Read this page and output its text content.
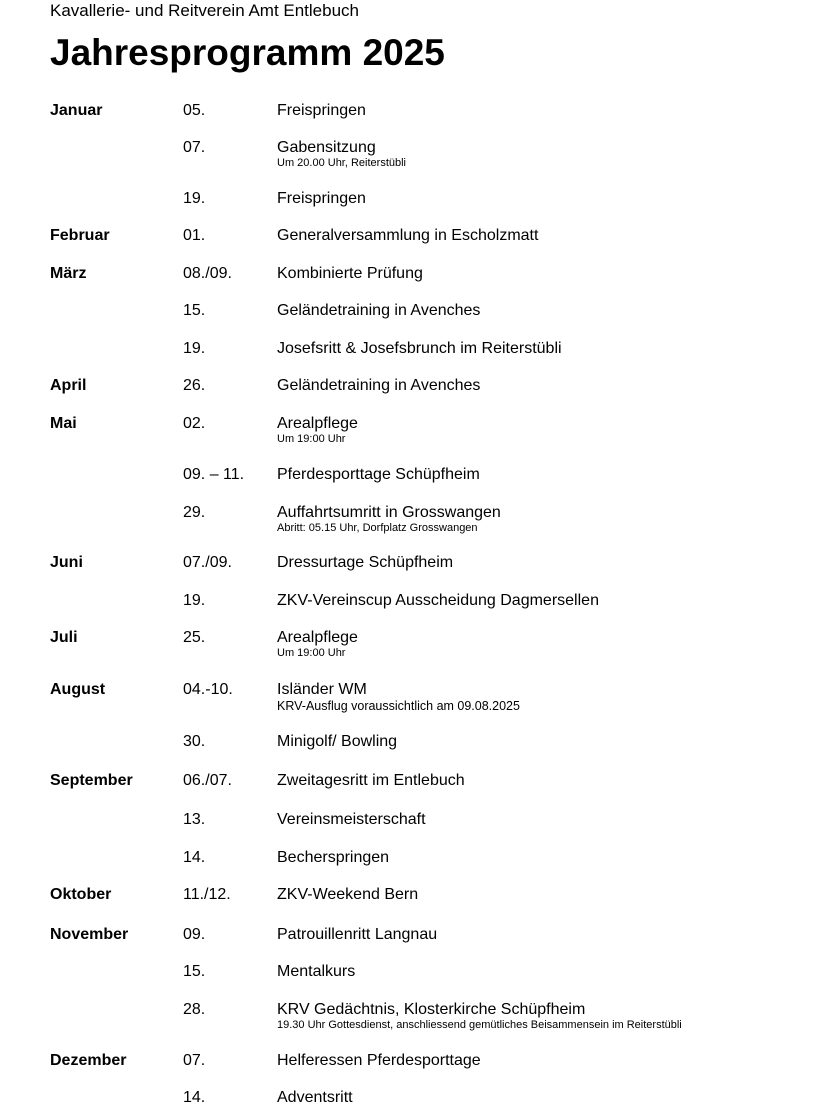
Kavallerie- und Reitverein Amt Entlebuch
Jahresprogramm 2025
Januar	05.	Freispringen
07.	Gabensitzung
Um 20.00 Uhr, Reiterstübli
19.	Freispringen
Februar	01.	Generalversammlung in Escholzmatt
März	08./09.	Kombinierte Prüfung
15.	Geländetraining in Avenches
19.	Josefsritt & Josefsbrunch im Reiterstübli
April	26.	Geländetraining in Avenches
Mai	02.	Arealpflege
Um 19:00 Uhr
09. – 11. Pferdesporttage Schüpfheim
29.	Auffahrtsumritt in Grosswangen
Abritt: 05.15 Uhr, Dorfplatz Grosswangen
Juni	07./09.	Dressurtage Schüpfheim
19.	ZKV-Vereinscup Ausscheidung Dagmersellen
Juli	25.	Arealpflege
Um 19:00 Uhr
August	04.-10.	Isländer WM
KRV-Ausflug voraussichtlich am 09.08.2025
30.	Minigolf/ Bowling
September	06./07.	Zweitagesritt im Entlebuch
13.	Vereinsmeisterschaft
14.	Becherspringen
Oktober	11./12.	ZKV-Weekend Bern
November	09.	Patrouillenritt Langnau
15.	Mentalkurs
28.	KRV Gedächtnis, Klosterkirche Schüpfheim
19.30 Uhr Gottesdienst, anschliessend gemütliches Beisammensein im Reiterstübli
Dezember	07.	Helferessen Pferdesporttage
14.	Adventsritt
